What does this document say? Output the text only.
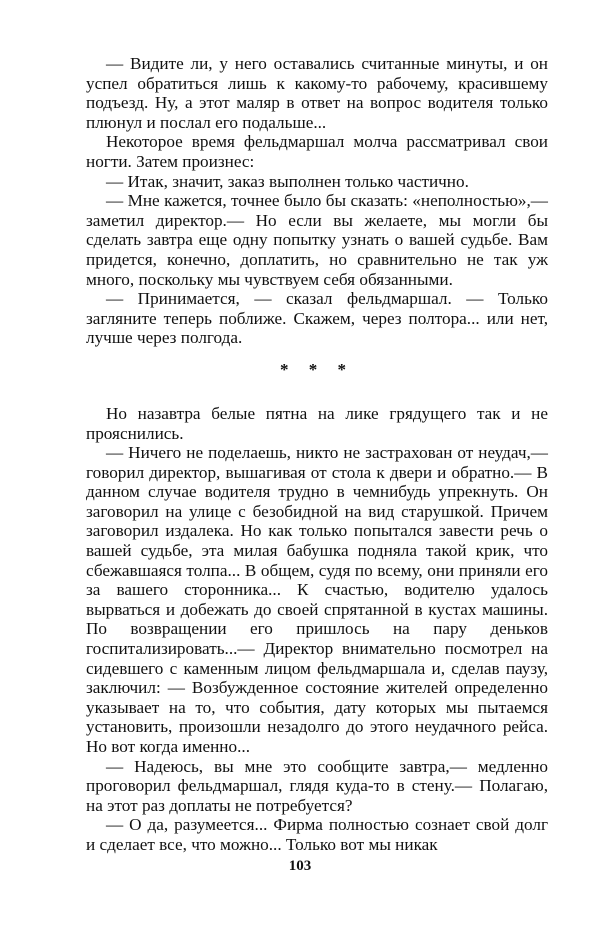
— Видите ли, у него оставались считанные минуты, и он успел обратиться лишь к какому-то рабочему, красившему подъезд. Ну, а этот маляр в ответ на вопрос водителя только плюнул и послал его подальше...

Некоторое время фельдмаршал молча рассматривал свои ногти. Затем произнес:

— Итак, значит, заказ выполнен только частично.

— Мне кажется, точнее было бы сказать: «неполностью»,— заметил директор.— Но если вы желаете, мы могли бы сделать завтра еще одну попытку узнать о вашей судьбе. Вам придется, конечно, доплатить, но сравнительно не так уж много, поскольку мы чувствуем себя обязанными.

— Принимается, — сказал фельдмаршал. — Только загляните теперь поближе. Скажем, через полтора... или нет, лучше через полгода.

* * *

Но назавтра белые пятна на лике грядущего так и не прояснились.

— Ничего не поделаешь, никто не застрахован от неудач,— говорил директор, вышагивая от стола к двери и обратно.— В данном случае водителя трудно в чемнибудь упрекнуть. Он заговорил на улице с безобидной на вид старушкой. Причем заговорил издалека. Но как только попытался завести речь о вашей судьбе, эта милая бабушка подняла такой крик, что сбежавшаяся толпа... В общем, судя по всему, они приняли его за вашего сторонника... К счастью, водителю удалось вырваться и добежать до своей спрятанной в кустах машины. По возвращении его пришлось на пару деньков госпитализировать...— Директор внимательно посмотрел на сидевшего с каменным лицом фельдмаршала и, сделав паузу, заключил: — Возбужденное состояние жителей определенно указывает на то, что события, дату которых мы пытаемся установить, произошли незадолго до этого неудачного рейса. Но вот когда именно...

— Надеюсь, вы мне это сообщите завтра,— медленно проговорил фельдмаршал, глядя куда-то в стену.— Полагаю, на этот раз доплаты не потребуется?

— О да, разумеется... Фирма полностью сознает свой долг и сделает все, что можно... Только вот мы никак

103
